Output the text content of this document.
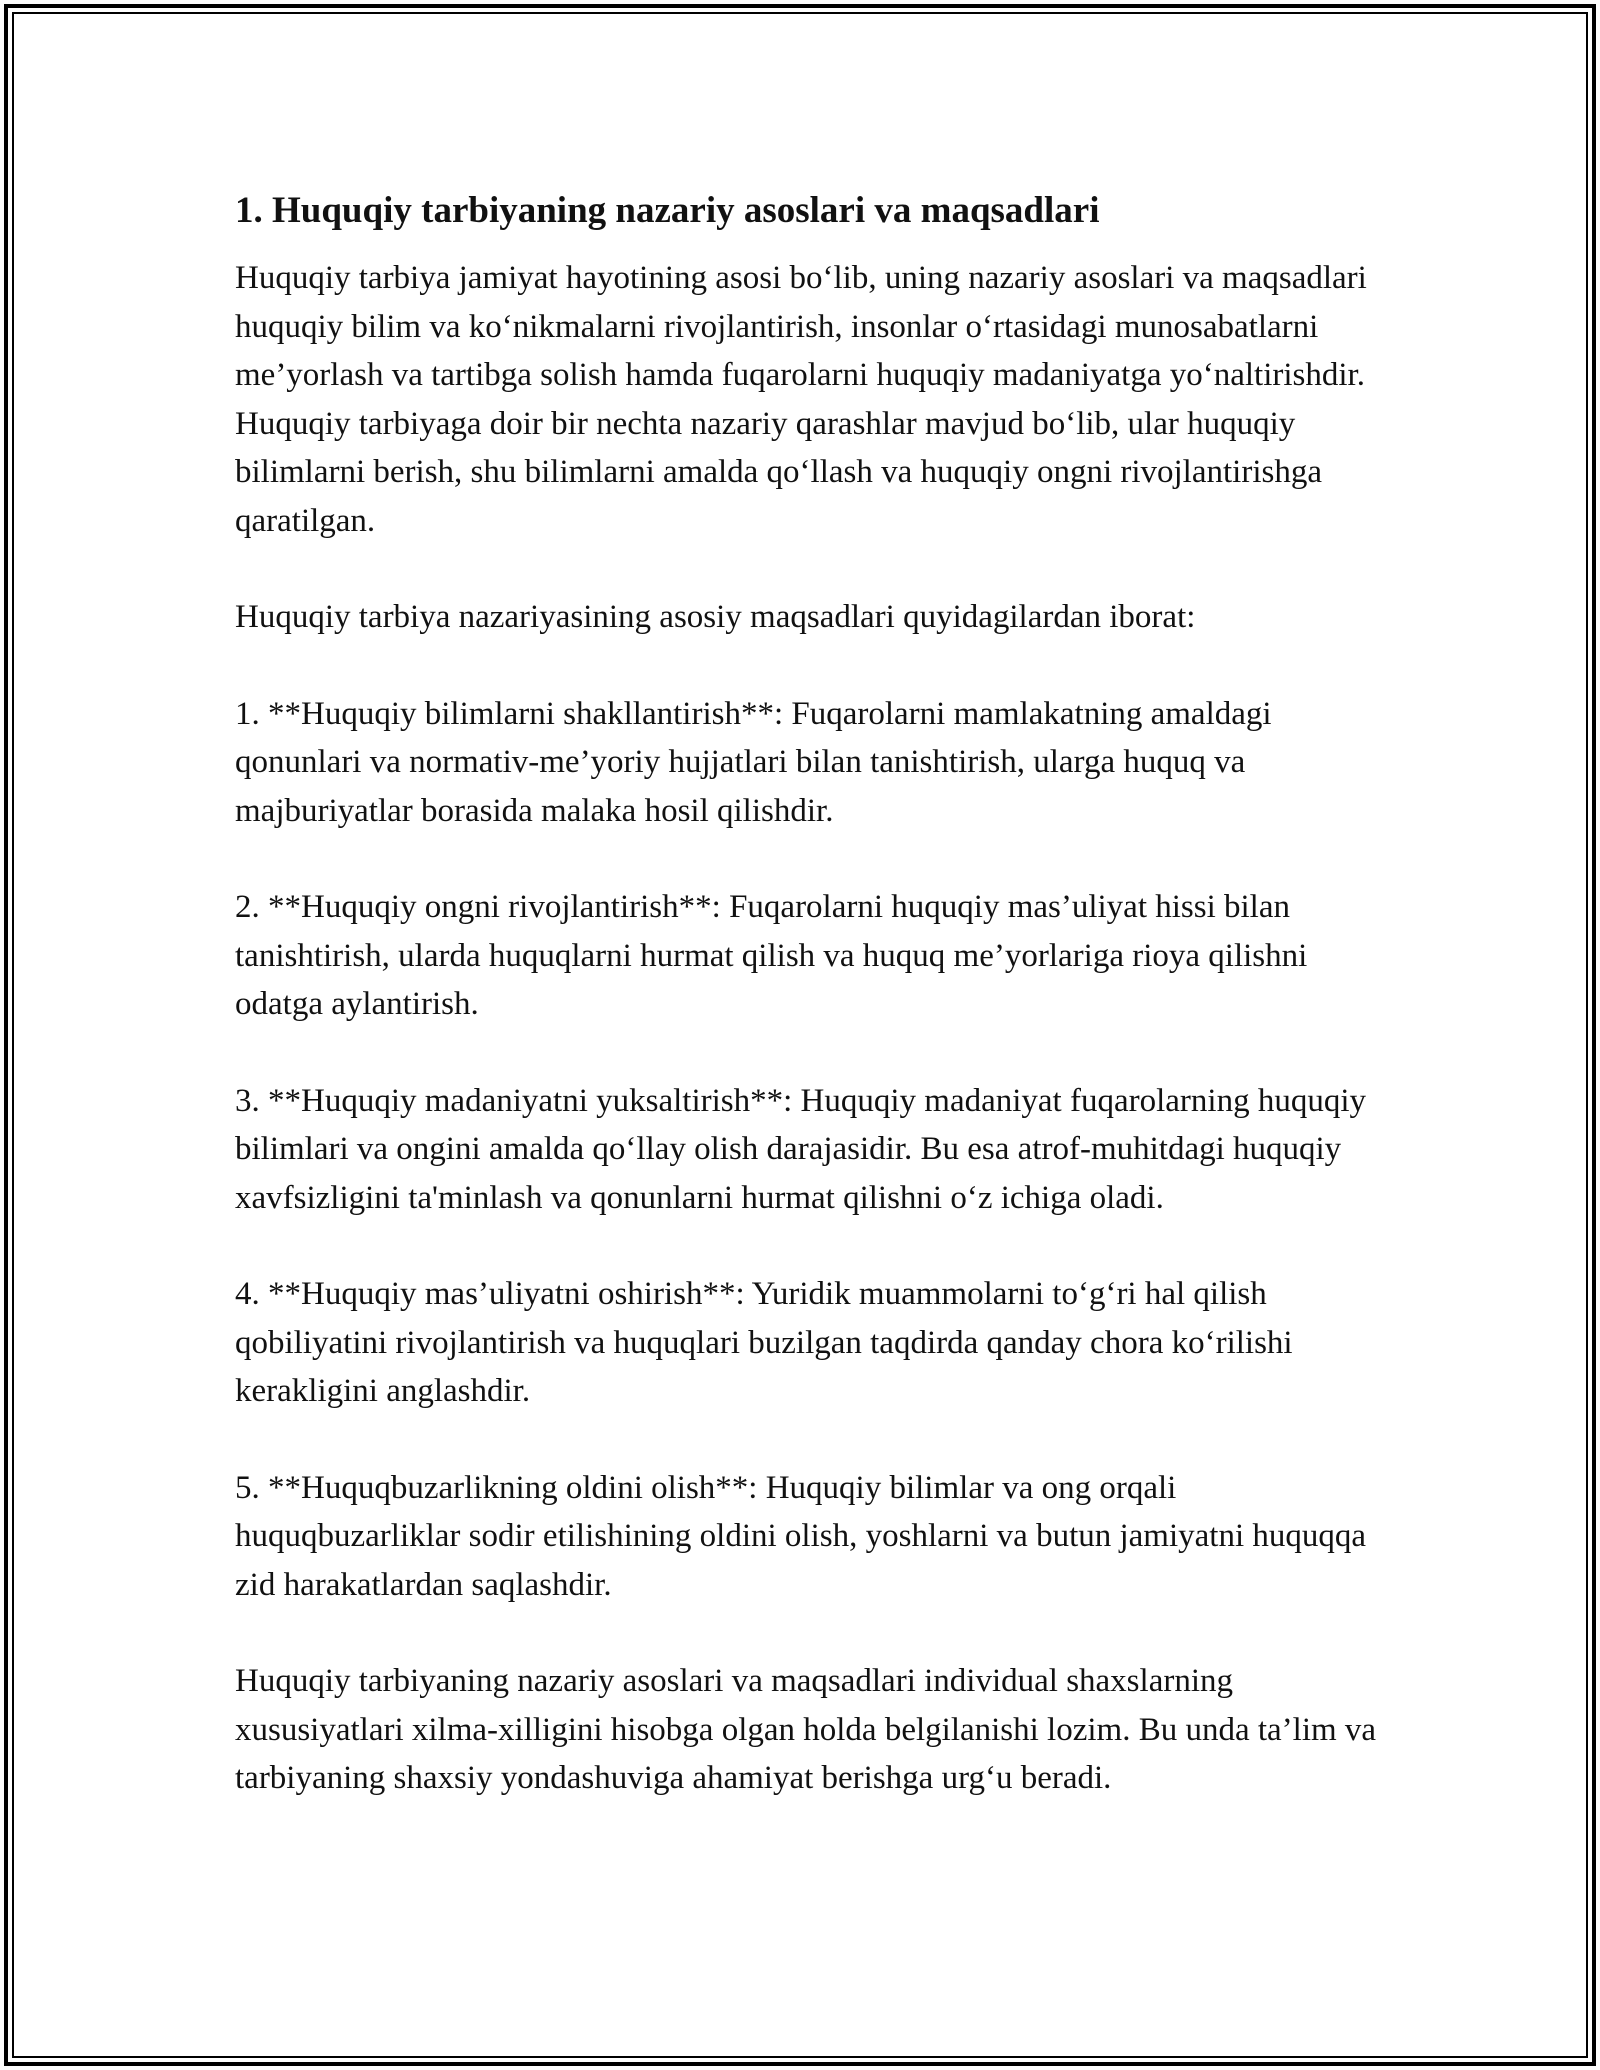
1. Huquqiy tarbiyaning nazariy asoslari va maqsadlari

Huquqiy tarbiya jamiyat hayotining asosi bo‘lib, uning nazariy asoslari va maqsadlari huquqiy bilim va ko‘nikmalarni rivojlantirish, insonlar o‘rtasidagi munosabatlarni me’yorlash va tartibga solish hamda fuqarolarni huquqiy madaniyatga yo‘naltirishdir. Huquqiy tarbiyaga doir bir nechta nazariy qarashlar mavjud bo‘lib, ular huquqiy bilimlarni berish, shu bilimlarni amalda qo‘llash va huquqiy ongni rivojlantirishga qaratilgan.

Huquqiy tarbiya nazariyasining asosiy maqsadlari quyidagilardan iborat:

1. **Huquqiy bilimlarni shakllantirish**: Fuqarolarni mamlakatning amaldagi qonunlari va normativ-me’yoriy hujjatlari bilan tanishtirish, ularga huquq va majburiyatlar borasida malaka hosil qilishdir.

2. **Huquqiy ongni rivojlantirish**: Fuqarolarni huquqiy mas’uliyat hissi bilan tanishtirish, ularda huquqlarni hurmat qilish va huquq me’yorlariga rioya qilishni odatga aylantirish.

3. **Huquqiy madaniyatni yuksaltirish**: Huquqiy madaniyat fuqarolarning huquqiy bilimlari va ongini amalda qo‘llay olish darajasidir. Bu esa atrof-muhitdagi huquqiy xavfsizligini ta'minlash va qonunlarni hurmat qilishni o‘z ichiga oladi.

4. **Huquqiy mas’uliyatni oshirish**: Yuridik muammolarni to‘g‘ri hal qilish qobiliyatini rivojlantirish va huquqlari buzilgan taqdirda qanday chora ko‘rilishi kerakligini anglashdir.

5. **Huquqbuzarlikning oldini olish**: Huquqiy bilimlar va ong orqali huquqbuzarliklar sodir etilishining oldini olish, yoshlarni va butun jamiyatni huquqqa zid harakatlardan saqlashdir.

Huquqiy tarbiyaning nazariy asoslari va maqsadlari individual shaxslarning xususiyatlari xilma-xilligini hisobga olgan holda belgilanishi lozim. Bu unda ta’lim va tarbiyaning shaxsiy yondashuviga ahamiyat berishga urg‘u beradi.
